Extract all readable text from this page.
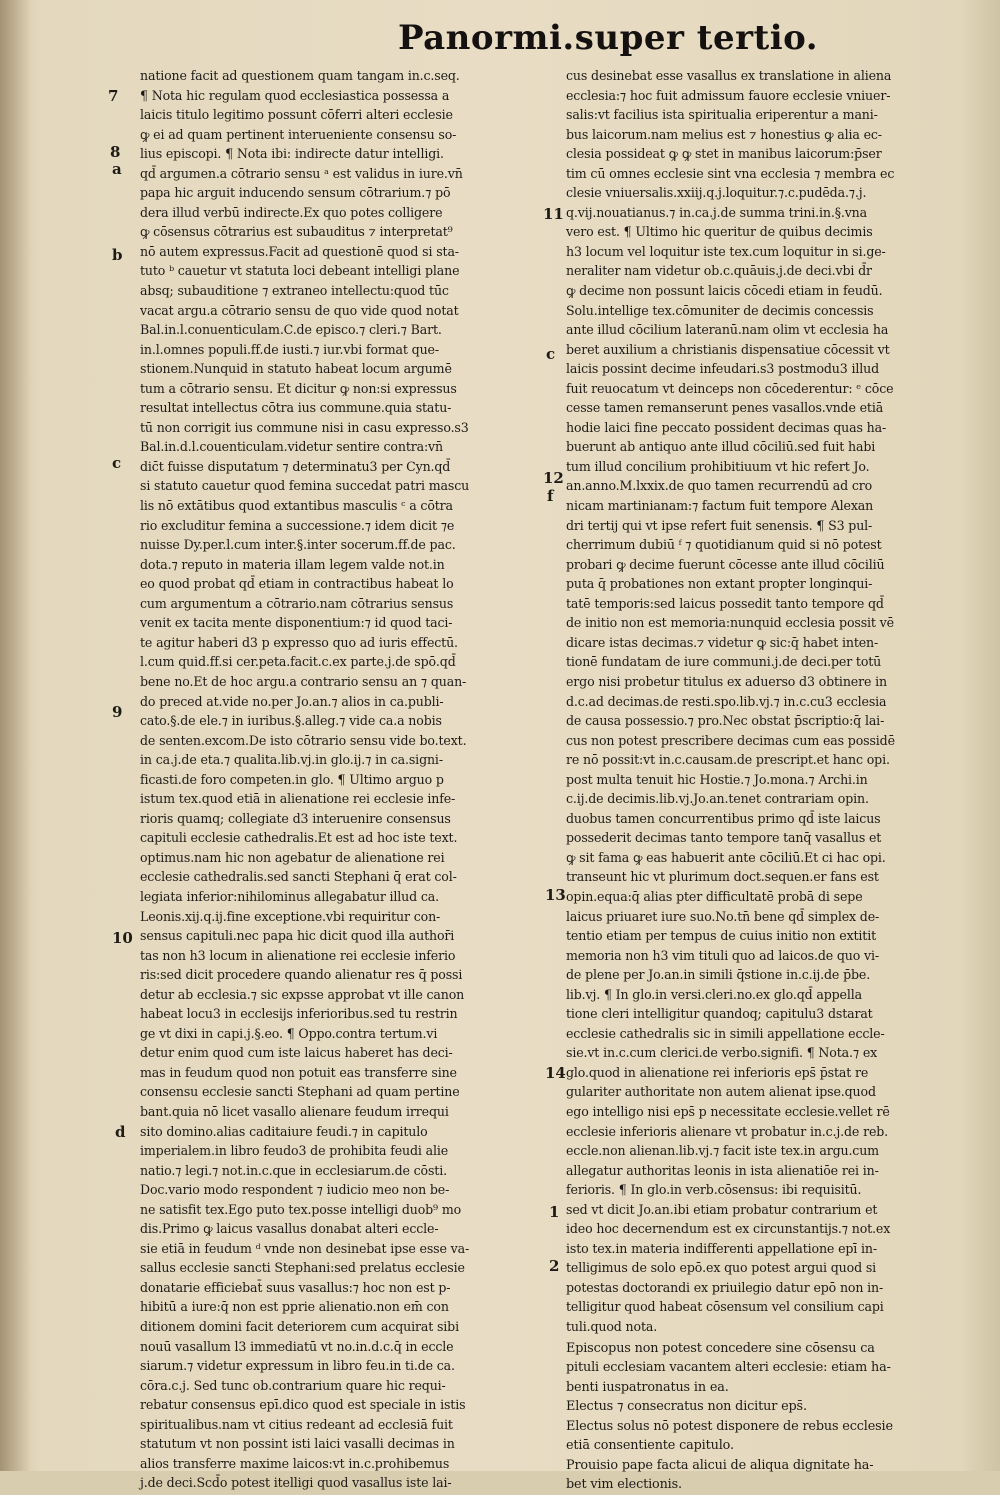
Panormi.super tertio.
natione facit ad questionem quam tangam in.c.seq.
¶ Nota hic regulam quod ecclesiastica possessa a
laicis titulo legitimo possunt cōferri alteri ecclesie
ꝙ ei ad quam pertinent interueniente consensu so-
lius episcopi. ¶ Nota ibi: indirecte datur intelligi.
qd̄ argumen.a cōtrario sensu ᵃ est validus in iure.vn̄
papa hic arguit inducendo sensum cōtrarium.⁊ pō
dera illud verbū indirecte.Ex quo potes colligere
ꝙ cōsensus cōtrarius est subauditus ⁊ interpretat⁹
nō autem expressus.Facit ad questionē quod si sta-
tuto ᵇ cauetur vt statuta loci debeant intelligi plane
absq; subauditione ⁊ extraneo intellectu:quod tūc
vacat argu.a cōtrario sensu de quo vide quod notat
Bal.in.l.conuenticulam.C.de episco.⁊ cleri.⁊ Bart.
in.l.omnes populi.ff.de iusti.⁊ iur.vbi format que-
stionem.Nunquid in statuto habeat locum argumē
tum a cōtrario sensu. Et dicitur ꝙ non:si expressus
resultat intellectus cōtra ius commune.quia statu-
tū non corrigit ius commune nisi in casu expresso.s3
Bal.in.d.l.couenticulam.videtur sentire contra:vn̄
dic̄t fuisse disputatum ⁊ determinatu3 per Cyn.qd̄
si statuto cauetur quod femina succedat patri mascu
lis nō extātibus quod extantibus masculis ᶜ a cōtra
rio excluditur femina a successione.⁊ idem dicit ⁊e
nuisse Dy.per.l.cum inter.§.inter socerum.ff.de pac.
dota.⁊ reputo in materia illam legem valde not.in
eo quod probat qd̄ etiam in contractibus habeat lo
cum argumentum a cōtrario.nam cōtrarius sensus
venit ex tacita mente disponentium:⁊ id quod taci-
te agitur haberi d3 p expresso quo ad iuris effectū.
l.cum quid.ff.si cer.peta.facit.c.ex parte.j.de spō.qd̄
bene no.Et de hoc argu.a contrario sensu an ⁊ quan-
do preced at.vide no.per Jo.an.⁊ alios in ca.publi-
cato.§.de ele.⁊ in iuribus.§.alleg.⁊ vide ca.a nobis
de senten.excom.De isto cōtrario sensu vide bo.text.
in ca.j.de eta.⁊ qualita.lib.vj.in glo.ij.⁊ in ca.signi-
ficasti.de foro competen.in glo. ¶ Ultimo arguo p
istum tex.quod etiā in alienatione rei ecclesie infe-
rioris quamq; collegiate d3 interuenire consensus
capituli ecclesie cathedralis.Et est ad hoc iste text.
optimus.nam hic non agebatur de alienatione rei
ecclesie cathedralis.sed sancti Stephani q̄ erat col-
legiata inferior:nihilominus allegabatur illud ca.
Leonis.xij.q.ij.fine exceptione.vbi requiritur con-
sensus capituli.nec papa hic dicit quod illa author̄i
tas non h3 locum in alienatione rei ecclesie inferio
ris:sed dicit procedere quando alienatur res q̄ possi
detur ab ecclesia.⁊ sic expsse approbat vt ille canon
habeat locu3 in ecclesijs inferioribus.sed tu restrin
ge vt dixi in capi.j.§.eo. ¶ Oppo.contra tertum.vi
detur enim quod cum iste laicus haberet has deci-
mas in feudum quod non potuit eas transferre sine
consensu ecclesie sancti Stephani ad quam pertine
bant.quia nō licet vasallo alienare feudum irrequi
sito domino.alias caditaiure feudi.⁊ in capitulo
imperialem.in libro feudo3 de prohibita feudi alie
natio.⁊ legi.⁊ not.in.c.que in ecclesiarum.de cōsti.
Doc.vario modo respondent ⁊ iudicio meo non be-
ne satisfit tex.Ego puto tex.posse intelligi duob⁹ mo
dis.Primo ꝙ laicus vasallus donabat alteri eccle-
sie etiā in feudum ᵈ vnde non desinebat ipse esse va-
sallus ecclesie sancti Stephani:sed prelatus ecclesie
donatarie efficiebat̄ suus vasallus:⁊ hoc non est p-
hibitū a iure:q̄ non est pprie alienatio.non em̄ con
ditionem domini facit deteriorem cum acquirat sibi
nouū vasallum l3 immediatū vt no.in.d.c.q̄ in eccle
siarum.⁊ videtur expressum in libro feu.in ti.de ca.
cōra.c.j. Sed tunc ob.contrarium quare hic requi-
rebatur consensus epī.dico quod est speciale in istis
spiritualibus.nam vt citius redeant ad ecclesiā fuit
statutum vt non possint isti laici vasalli decimas in
alios transferre maxime laicos:vt in.c.prohibemus
j.de deci.Scd̄o potest itelligi quod vasallus iste lai-
cus desinebat esse vasallus ex translatione in aliena
ecclesia:⁊ hoc fuit admissum fauore ecclesie vniuer-
salis:vt facilius ista spiritualia eriperentur a mani-
bus laicorum.nam melius est ⁊ honestius ꝙ alia ec-
clesia possideat ꝙ ꝙ stet in manibus laicorum:p̄ser
tim cū omnes ecclesie sint vna ecclesia ⁊ membra ec
clesie vniuersalis.xxiij.q.j.loquitur.⁊.c.pudēda.⁊.j.
q.vij.nouatianus.⁊ in.ca.j.de summa trini.in.§.vna
vero est. ¶ Ultimo hic queritur de quibus decimis
h3 locum vel loquitur iste tex.cum loquitur in si.ge-
neraliter nam videtur ob.c.quāuis.j.de deci.vbi d̄r
ꝙ decime non possunt laicis cōcedi etiam in feudū.
Solu.intellige tex.cōmuniter de decimis concessis
ante illud cōcilium lateranū.nam olim vt ecclesia ha
beret auxilium a christianis dispensatiue cōcessit vt
laicis possint decime infeudari.s3 postmodu3 illud
fuit reuocatum vt deinceps non cōcederentur: ᵉ cōce
cesse tamen remanserunt penes vasallos.vnde etiā
hodie laici fine peccato possident decimas quas ha-
buerunt ab antiquo ante illud cōciliū.sed fuit habi
tum illud concilium prohibitiuum vt hic refert Jo.
an.anno.M.lxxix.de quo tamen recurrendū ad cro
nicam martinianam:⁊ factum fuit tempore Alexan
dri tertij qui vt ipse refert fuit senensis. ¶ S3 pul-
cherrimum dubiū ᶠ ⁊ quotidianum quid si nō potest
probari ꝙ decime fuerunt cōcesse ante illud cōciliū
puta q̄ probationes non extant propter longinqui-
tatē temporis:sed laicus possedit tanto tempore qd̄
de initio non est memoria:nunquid ecclesia possit vē
dicare istas decimas.⁊ videtur ꝙ sic:q̄ habet inten-
tionē fundatam de iure communi.j.de deci.per totū
ergo nisi probetur titulus ex aduerso d3 obtinere in
d.c.ad decimas.de resti.spo.lib.vj.⁊ in.c.cu3 ecclesia
de causa possessio.⁊ pro.Nec obstat p̄scriptio:q̄ lai-
cus non potest prescribere decimas cum eas possidē
re nō possit:vt in.c.causam.de prescript.et hanc opi.
post multa tenuit hic Hostie.⁊ Jo.mona.⁊ Archi.in
c.ij.de decimis.lib.vj.Jo.an.tenet contrariam opin.
duobus tamen concurrentibus primo qd̄ iste laicus
possederit decimas tanto tempore tanq̄ vasallus et
ꝙ sit fama ꝙ eas habuerit ante cōciliū.Et ci hac opi.
transeunt hic vt plurimum doct.sequen.er fans est
opin.equa:q̄ alias pter difficultatē probā di sepe
laicus priuaret iure suo.No.tn̄ bene qd̄ simplex de-
tentio etiam per tempus de cuius initio non extitit
memoria non h3 vim tituli quo ad laicos.de quo vi-
de plene per Jo.an.in simili q̄stione in.c.ij.de p̄be.
lib.vj. ¶ In glo.in versi.cleri.no.ex glo.qd̄ appella
tione cleri intelligitur quandoq; capitulu3 dstarat
ecclesie cathedralis sic in simili appellatione eccle-
sie.vt in.c.cum clerici.de verbo.signifi. ¶ Nota.⁊ ex
glo.quod in alienatione rei inferioris eps̄ p̄stat re
gulariter authoritate non autem alienat ipse.quod
ego intelligo nisi eps̄ p necessitate ecclesie.vellet rē
ecclesie inferioris alienare vt probatur in.c.j.de reb.
eccle.non alienan.lib.vj.⁊ facit iste tex.in argu.cum
allegatur authoritas leonis in ista alienatiōe rei in-
ferioris. ¶ In glo.in verb.cōsensus: ibi requisitū.
sed vt dicit Jo.an.ibi etiam probatur contrarium et
ideo hoc decernendum est ex circunstantijs.⁊ not.ex
isto tex.in materia indifferenti appellatione epī in-
telligimus de solo epō.ex quo potest argui quod si
potestas doctorandi ex priuilegio datur epō non in-
telligitur quod habeat cōsensum vel consilium capi
tuli.quod nota.
Episcopus non potest concedere sine cōsensu ca
pituli ecclesiam vacantem alteri ecclesie: etiam ha-
benti iuspatronatus in ea.
Electus ⁊ consecratus non dicitur eps̄.
Electus solus nō potest disponere de rebus ecclesie
etiā consentiente capitulo.
Prouisio pape facta alicui de aliqua dignitate ha-
bet vim electionis.
7
8
a
b
c
9
10
d
11
c
12
f
13
14
1
2
